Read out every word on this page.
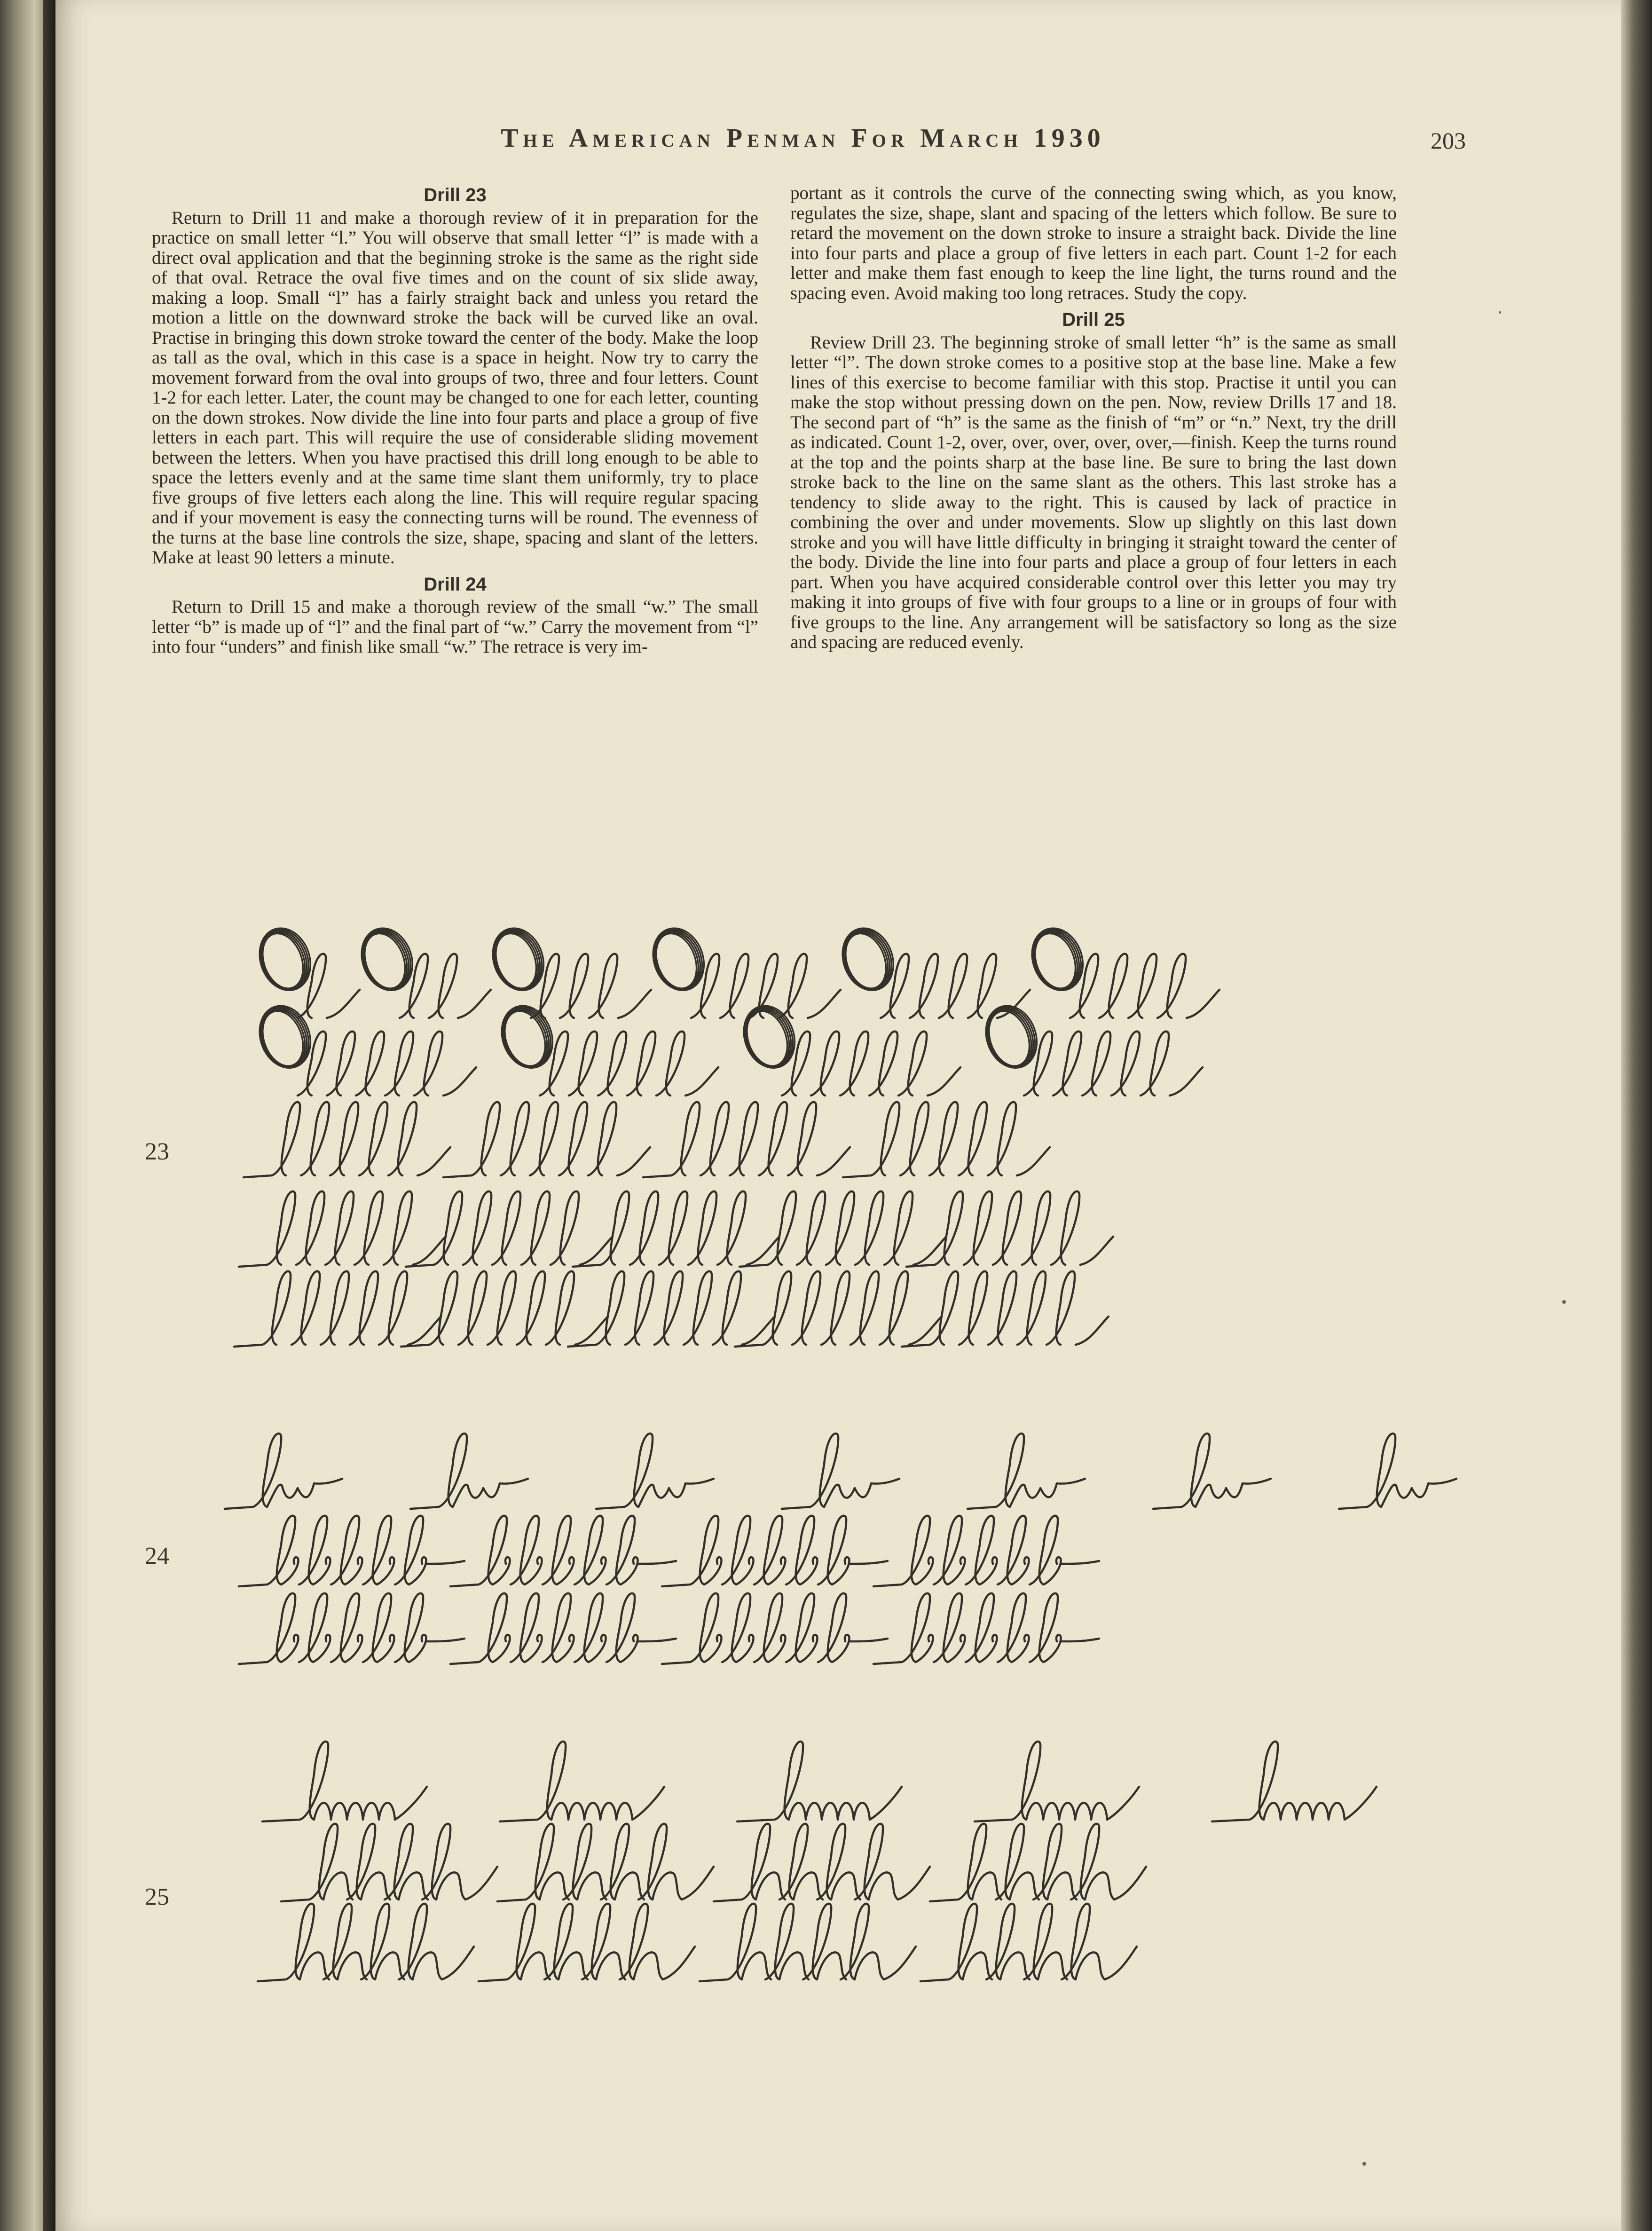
The American Penman For March 1930	203
Drill 23

Return to Drill 11 and make a thorough review of it in preparation for the practice on small letter “l.” You will observe that small letter “l” is made with a direct oval application and that the beginning stroke is the same as the right side of that oval. Retrace the oval five times and on the count of six slide away, making a loop. Small “l” has a fairly straight back and unless you retard the motion a little on the downward stroke the back will be curved like an oval. Practise in bringing this down stroke toward the center of the body. Make the loop as tall as the oval, which in this case is a space in height. Now try to carry the movement forward from the oval into groups of two, three and four letters. Count 1-2 for each letter. Later, the count may be changed to one for each letter, counting on the down strokes. Now divide the line into four parts and place a group of five letters in each part. This will require the use of considerable sliding movement between the letters. When you have practised this drill long enough to be able to space the letters evenly and at the same time slant them uniformly, try to place five groups of five letters each along the line. This will require regular spacing and if your movement is easy the connecting turns will be round. The evenness of the turns at the base line controls the size, shape, spacing and slant of the letters. Make at least 90 letters a minute.

Drill 24

Return to Drill 15 and make a thorough review of the small “w.” The small letter “b” is made up of “l” and the final part of “w.” Carry the movement from “l” into four “unders” and finish like small “w.” The retrace is very im-

portant as it controls the curve of the connecting swing which, as you know, regulates the size, shape, slant and spacing of the letters which follow. Be sure to retard the movement on the down stroke to insure a straight back. Divide the line into four parts and place a group of five letters in each part. Count 1-2 for each letter and make them fast enough to keep the line light, the turns round and the spacing even. Avoid making too long retraces. Study the copy.

Drill 25

Review Drill 23. The beginning stroke of small letter “h” is the same as small letter “l”. The down stroke comes to a positive stop at the base line. Make a few lines of this exercise to become familiar with this stop. Practise it until you can make the stop without pressing down on the pen. Now, review Drills 17 and 18. The second part of “h” is the same as the finish of “m” or “n.” Next, try the drill as indicated. Count 1-2, over, over, over, over, over,—finish. Keep the turns round at the top and the points sharp at the base line. Be sure to bring the last down stroke back to the line on the same slant as the others. This last stroke has a tendency to slide away to the right. This is caused by lack of practice in combining the over and under movements. Slow up slightly on this last down stroke and you will have little difficulty in bringing it straight toward the center of the body. Divide the line into four parts and place a group of four letters in each part. When you have acquired considerable control over this letter you may try making it into groups of five with four groups to a line or in groups of four with five groups to the line. Any arrangement will be satisfactory so long as the size and spacing are reduced evenly.

23
24
25
